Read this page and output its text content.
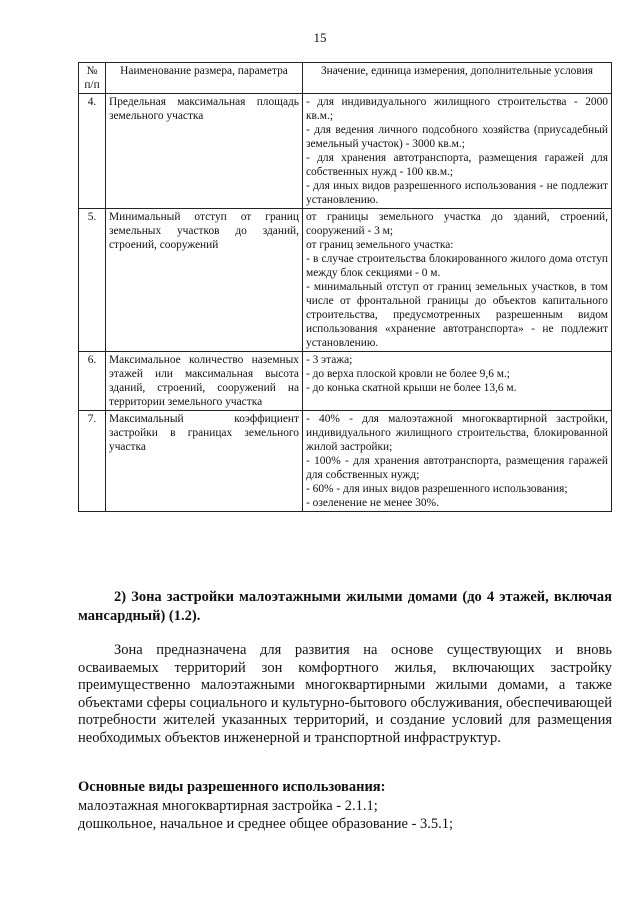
15
№ п/п	Наименование размера, параметра	Значение, единица измерения, дополнительные условия
4.	Предельная максимальная площадь земельного участка	- для индивидуального жилищного строительства - 2000 кв.м.;

- для ведения личного подсобного хозяйства (приусадебный земельный участок) - 3000 кв.м.;

- для хранения автотранспорта, размещения гаражей для собственных нужд - 100 кв.м.;

- для иных видов разрешенного использования - не подлежит установлению.

5.	Минимальный отступ от границ земельных участков до зданий, строений, сооружений	от границы земельного участка до зданий, строений, сооружений - 3 м;

от границ земельного участка:

- в случае строительства блокированного жилого дома отступ между блок секциями - 0 м.

- минимальный отступ от границ земельных участков, в том числе от фронтальной границы до объектов капитального строительства, предусмотренных разрешенным видом использования «хранение автотранспорта» - не подлежит установлению.

6.	Максимальное количество наземных этажей или максимальная высота зданий, строений, сооружений на территории земельного участка	- 3 этажа;

- до верха плоской кровли не более 9,6 м.;

- до конька скатной крыши не более 13,6 м.

7.	Максимальный коэффициент застройки в границах земельного участка	- 40% - для малоэтажной многоквартирной застройки, индивидуального жилищного строительства, блокированной жилой застройки;

- 100% - для хранения автотранспорта, размещения гаражей для собственных нужд;

- 60% - для иных видов разрешенного использования;

- озеленение не менее 30%.

2) Зона застройки малоэтажными жилыми домами (до 4 этажей, включая мансардный) (1.2).

Зона предназначена для развития на основе существующих и вновь осваиваемых территорий зон комфортного жилья, включающих застройку преимущественно малоэтажными многоквартирными жилыми домами, а также объектами сферы социального и культурно-бытового обслуживания, обеспечивающей потребности жителей указанных территорий, и создание условий для размещения необходимых объектов инженерной и транспортной инфраструктур.

Основные виды разрешенного использования:

малоэтажная многоквартирная застройка - 2.1.1;
дошкольное, начальное и среднее общее образование - 3.5.1;
